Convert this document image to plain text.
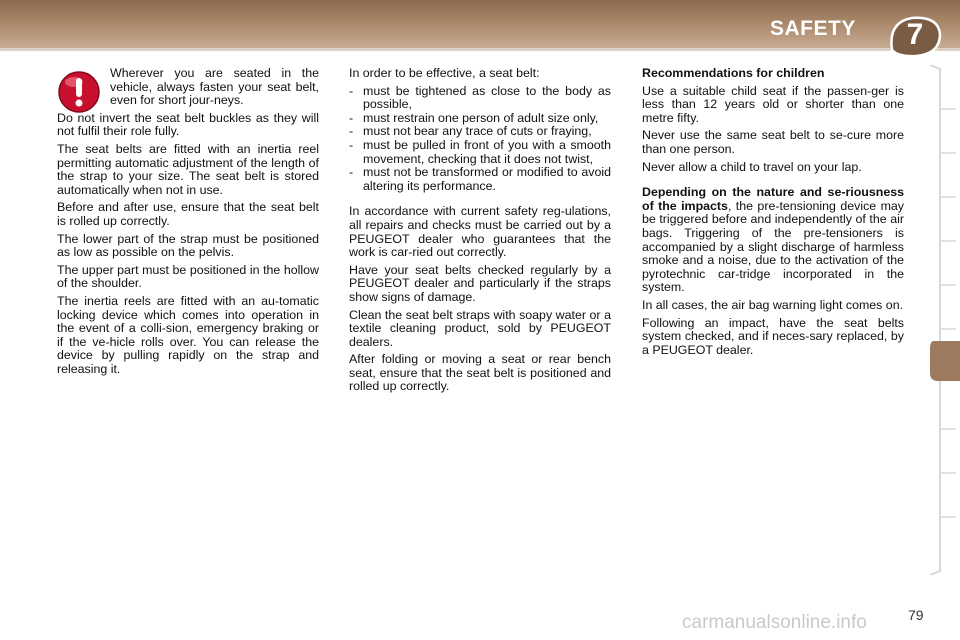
SAFETY	7

Wherever you are seated in the vehicle, always fasten your seat belt, even for short jour-neys.

Do not invert the seat belt buckles as they will not fulfil their role fully.

The seat belts are fitted with an inertia reel permitting automatic adjustment of the length of the strap to your size. The seat belt is stored automatically when not in use.

Before and after use, ensure that the seat belt is rolled up correctly.

The lower part of the strap must be positioned as low as possible on the pelvis.

The upper part must be positioned in the hollow of the shoulder.

The inertia reels are fitted with an au-tomatic locking device which comes into operation in the event of a colli-sion, emergency braking or if the ve-hicle rolls over. You can release the device by pulling rapidly on the strap and releasing it.

In order to be effective, a seat belt:

- must be tightened as close to the body as possible,
- must restrain one person of adult size only,
- must not bear any trace of cuts or fraying,
- must be pulled in front of you with a smooth movement, checking that it does not twist,
- must not be transformed or modified to avoid altering its performance.

In accordance with current safety reg-ulations, all repairs and checks must be carried out by a PEUGEOT dealer who guarantees that the work is car-ried out correctly.

Have your seat belts checked regularly by a PEUGEOT dealer and particularly if the straps show signs of damage.

Clean the seat belt straps with soapy water or a textile cleaning product, sold by PEUGEOT dealers.

After folding or moving a seat or rear bench seat, ensure that the seat belt is positioned and rolled up correctly.

Recommendations for children

Use a suitable child seat if the passen-ger is less than 12 years old or shorter than one metre fifty.

Never use the same seat belt to se-cure more than one person.

Never allow a child to travel on your lap.

Depending on the nature and se-riousness of the impacts, the pre-tensioning device may be triggered before and independently of the air bags. Triggering of the pre-tensioners is accompanied by a slight discharge of harmless smoke and a noise, due to the activation of the pyrotechnic car-tridge incorporated in the system.

In all cases, the air bag warning light comes on.

Following an impact, have the seat belts system checked, and if neces-sary replaced, by a PEUGEOT dealer.

79
carmanualsonline.info
